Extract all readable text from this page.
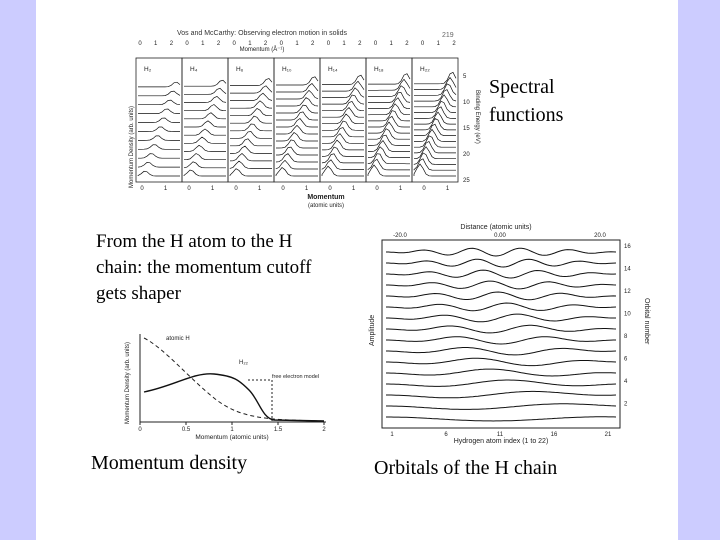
Vos and McCarthy: Observing electron motion in solids	219
Momentum (Å⁻¹)
0 1 2 0 1 2 0 1 2 0 1 2 0 1 2 0 1 2 0 1 2
H₂	H₄	H₆	H₁₀	H₁₄	H₁₈	H₂₂
Momentum Density (arb. units)	Binding Energy (eV)
5
10
15
20
25
0	1	0	1	0	1	0	1	0	1	0	1	0	1
Momentum
(atomic units)
Spectral functions
From the H atom to the H chain: the momentum cutoff gets shaper
Distance (atomic units)
-20.0	0.00	20.0
Amplitude	Orbital number
16
14
12
10
8
6
4
2
1	6	11	16	21
Hydrogen atom index (1 to 22)
atomic H
H₂₂
free electron model
0	0.5	1	1.5	2
Momentum (atomic units)
Momentum Density (arb. units)
Momentum density	Orbitals of the H chain
